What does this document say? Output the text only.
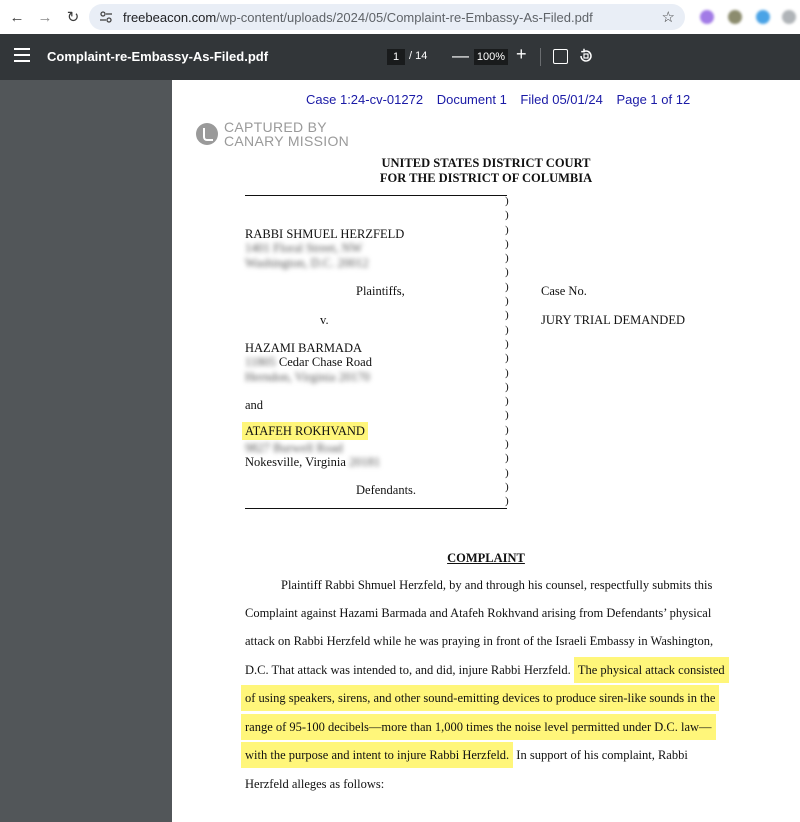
← → ↻	freebeacon.com/wp-content/uploads/2024/05/Complaint-re-Embassy-As-Filed.pdf	☆
Complaint-re-Embassy-As-Filed.pdf	1 / 14 — 100% +
Case 1:24-cv-01272 Document 1 Filed 05/01/24 Page 1 of 12
CAPTURED BY
CANARY MISSION
UNITED STATES DISTRICT COURT
FOR THE DISTRICT OF COLUMBIA
)
)
)
)
)
)
)
)
)
)
)
)
)
)
)
)
)
)
)
)
)
)
RABBI SHMUEL HERZFELD
1401 Floral Street, NW
Washington, D.C. 20012
Plaintiffs,
v.
HAZAMI BARMADA
11805 Cedar Chase Road
Herndon, Virginia 20170
and
ATAFEH ROKHVAND
9827 Burwell Road
Nokesville, Virginia 20181
Defendants.
Case No.
JURY TRIAL DEMANDED
COMPLAINT
Plaintiff Rabbi Shmuel Herzfeld, by and through his counsel, respectfully submits this
Complaint against Hazami Barmada and Atafeh Rokhvand arising from Defendants’ physical
attack on Rabbi Herzfeld while he was praying in front of the Israeli Embassy in Washington,
D.C. That attack was intended to, and did, injure Rabbi Herzfeld. The physical attack consisted
of using speakers, sirens, and other sound-emitting devices to produce siren-like sounds in the
range of 95-100 decibels—more than 1,000 times the noise level permitted under D.C. law—
with the purpose and intent to injure Rabbi Herzfeld. In support of his complaint, Rabbi
Herzfeld alleges as follows:
